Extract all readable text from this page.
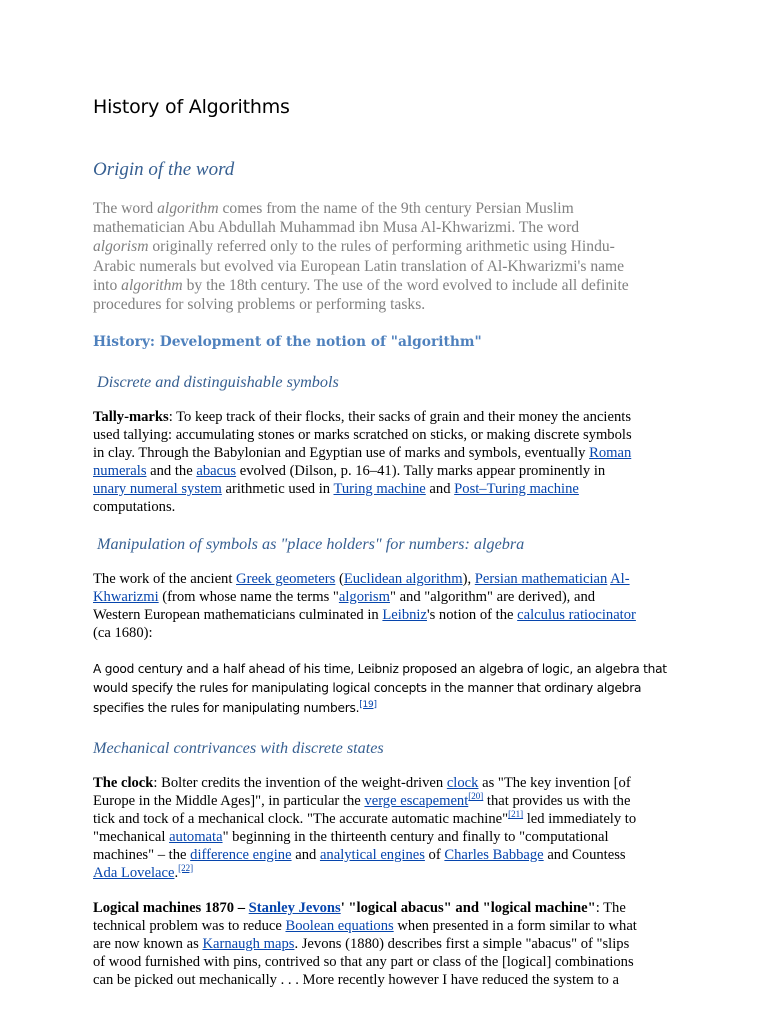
History of Algorithms
Origin of the word
The word algorithm comes from the name of the 9th century Persian Muslim
mathematician Abu Abdullah Muhammad ibn Musa Al-Khwarizmi. The word
algorism originally referred only to the rules of performing arithmetic using Hindu-
Arabic numerals but evolved via European Latin translation of Al-Khwarizmi's name
into algorithm by the 18th century. The use of the word evolved to include all definite
procedures for solving problems or performing tasks.
History: Development of the notion of "algorithm"
Discrete and distinguishable symbols
Tally-marks: To keep track of their flocks, their sacks of grain and their money the ancients
used tallying: accumulating stones or marks scratched on sticks, or making discrete symbols
in clay. Through the Babylonian and Egyptian use of marks and symbols, eventually Roman
numerals and the abacus evolved (Dilson, p. 16–41). Tally marks appear prominently in
unary numeral system arithmetic used in Turing machine and Post–Turing machine
computations.
Manipulation of symbols as "place holders" for numbers: algebra
The work of the ancient Greek geometers (Euclidean algorithm), Persian mathematician Al-
Khwarizmi (from whose name the terms "algorism" and "algorithm" are derived), and
Western European mathematicians culminated in Leibniz's notion of the calculus ratiocinator
(ca 1680):
A good century and a half ahead of his time, Leibniz proposed an algebra of logic, an algebra that
would specify the rules for manipulating logical concepts in the manner that ordinary algebra
specifies the rules for manipulating numbers.[19]
Mechanical contrivances with discrete states
The clock: Bolter credits the invention of the weight-driven clock as "The key invention [of
Europe in the Middle Ages]", in particular the verge escapement[20] that provides us with the
tick and tock of a mechanical clock. "The accurate automatic machine"[21] led immediately to
"mechanical automata" beginning in the thirteenth century and finally to "computational
machines" – the difference engine and analytical engines of Charles Babbage and Countess
Ada Lovelace.[22]
Logical machines 1870 – Stanley Jevons' "logical abacus" and "logical machine": The
technical problem was to reduce Boolean equations when presented in a form similar to what
are now known as Karnaugh maps. Jevons (1880) describes first a simple "abacus" of "slips
of wood furnished with pins, contrived so that any part or class of the [logical] combinations
can be picked out mechanically . . . More recently however I have reduced the system to a
